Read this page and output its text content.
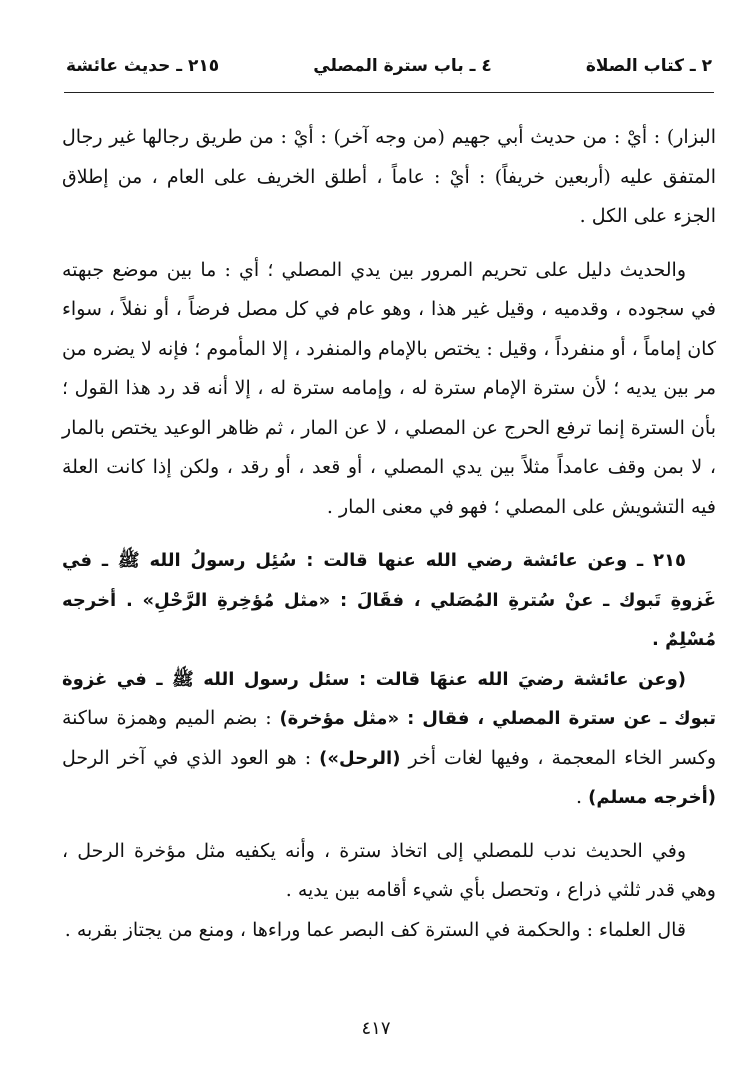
٢ ـ كتاب الصلاة
٤ ـ باب سترة المصلي
٢١٥ ـ حديث عائشة

البزار) : أيْ : من حديث أبي جهيم (من وجه آخر) : أيْ : من طريق رجالها غير رجال المتفق عليه (أربعين خريفاً) : أيْ : عاماً ، أطلق الخريف على العام ، من إطلاق الجزء على الكل .

والحديث دليل على تحريم المرور بين يدي المصلي ؛ أي : ما بين موضع جبهته في سجوده ، وقدميه ، وقيل غير هذا ، وهو عام في كل مصل فرضاً ، أو نفلاً ، سواء كان إماماً ، أو منفرداً ، وقيل : يختص بالإمام والمنفرد ، إلا المأموم ؛ فإنه لا يضره من مر بين يديه ؛ لأن سترة الإمام سترة له ، وإمامه سترة له ، إلا أنه قد رد هذا القول ؛ بأن السترة إنما ترفع الحرج عن المصلي ، لا عن المار ، ثم ظاهر الوعيد يختص بالمار ، لا بمن وقف عامداً مثلاً بين يدي المصلي ، أو قعد ، أو رقد ، ولكن إذا كانت العلة فيه التشويش على المصلي ؛ فهو في معنى المار .

٢١٥ ـ وعن عائشة رضي الله عنها قالت : سُئِل رسولُ الله ﷺ ـ في غَزوةِ تَبوك ـ عنْ سُترةِ المُصَلي ، فقَالَ : «مثل مُؤخِرةِ الرَّحْلِ» . أخرجه مُسْلِمٌ .

(وعن عائشة رضيَ الله عنهَا قالت : سئل رسول الله ﷺ ـ في غزوة تبوك ـ عن سترة المصلي ، فقال : «مثل مؤخرة) : بضم الميم وهمزة ساكنة وكسر الخاء المعجمة ، وفيها لغات أخر (الرحل») : هو العود الذي في آخر الرحل (أخرجه مسلم) .

وفي الحديث ندب للمصلي إلى اتخاذ سترة ، وأنه يكفيه مثل مؤخرة الرحل ، وهي قدر ثلثي ذراع ، وتحصل بأي شيء أقامه بين يديه .

قال العلماء : والحكمة في السترة كف البصر عما وراءها ، ومنع من يجتاز بقربه .

٤١٧
